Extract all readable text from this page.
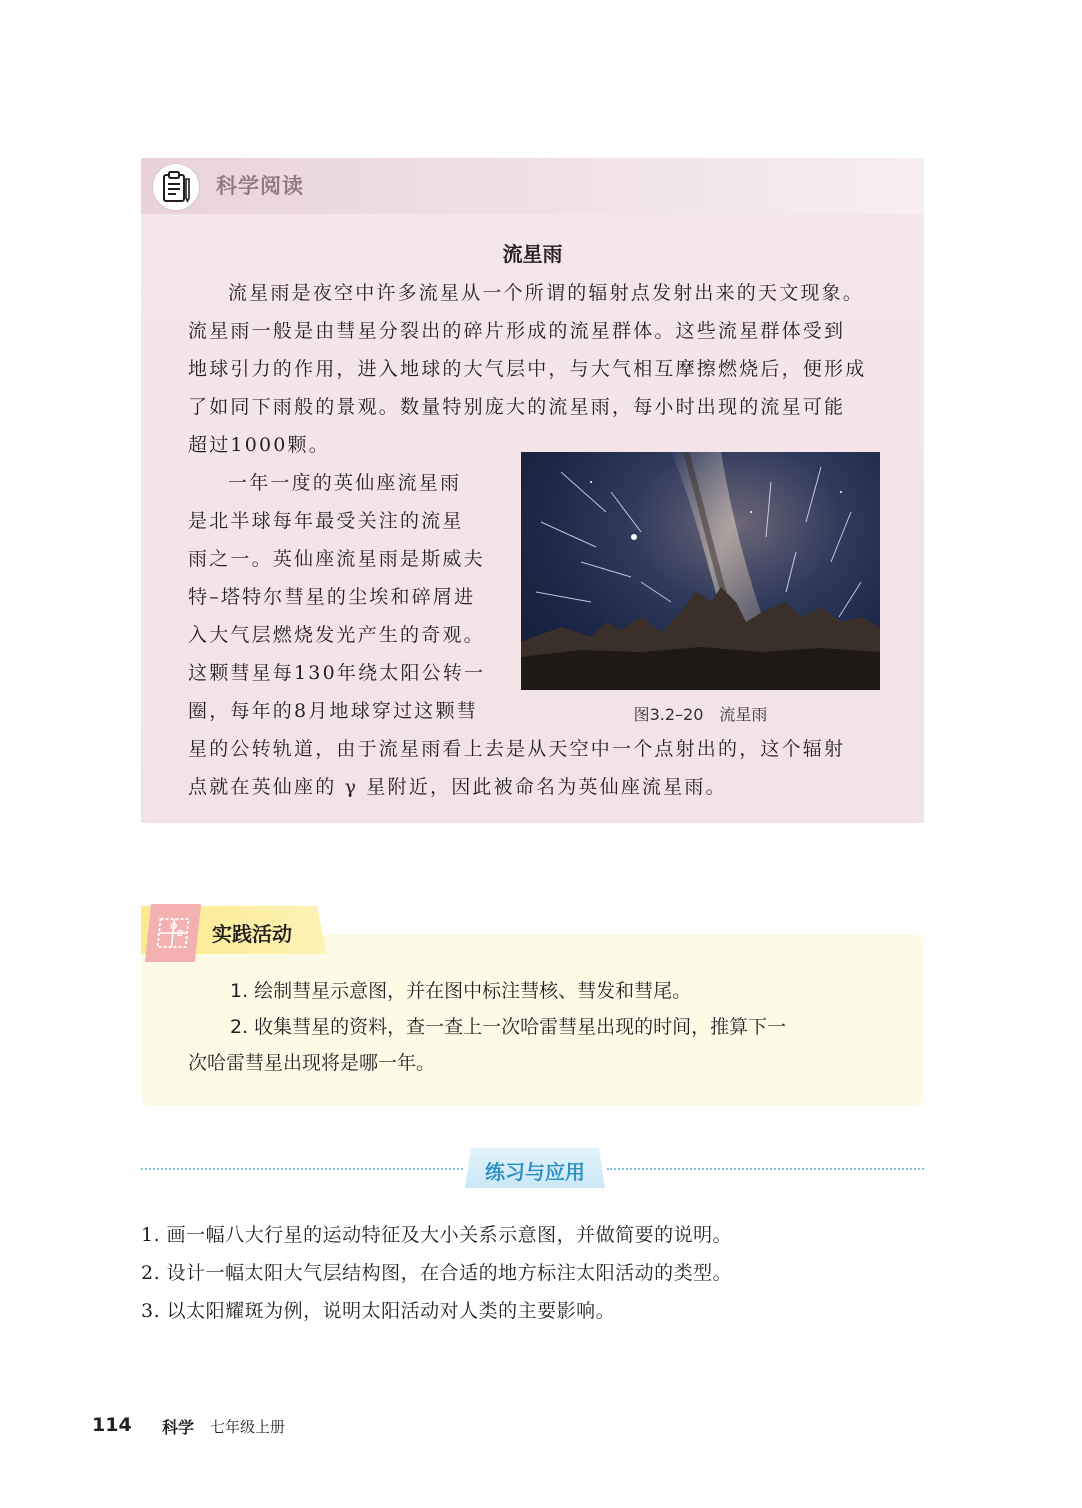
科学阅读
流星雨
流星雨是夜空中许多流星从一个所谓的辐射点发射出来的天文现象。
流星雨一般是由彗星分裂出的碎片形成的流星群体。这些流星群体受到
地球引力的作用，进入地球的大气层中，与大气相互摩擦燃烧后，便形成
了如同下雨般的景观。数量特别庞大的流星雨，每小时出现的流星可能
超过1000颗。
一年一度的英仙座流星雨
是北半球每年最受关注的流星
雨之一。英仙座流星雨是斯威夫
特–塔特尔彗星的尘埃和碎屑进
入大气层燃烧发光产生的奇观。
这颗彗星每130年绕太阳公转一
圈，每年的8月地球穿过这颗彗	图3.2–20　流星雨
星的公转轨道，由于流星雨看上去是从天空中一个点射出的，这个辐射
点就在英仙座的 γ 星附近，因此被命名为英仙座流星雨。
实践活动
1. 绘制彗星示意图，并在图中标注彗核、彗发和彗尾。
2. 收集彗星的资料，查一查上一次哈雷彗星出现的时间，推算下一
次哈雷彗星出现将是哪一年。
练习与应用
1. 画一幅八大行星的运动特征及大小关系示意图，并做简要的说明。
2. 设计一幅太阳大气层结构图，在合适的地方标注太阳活动的类型。
3. 以太阳耀斑为例，说明太阳活动对人类的主要影响。
114 科学 七年级上册
